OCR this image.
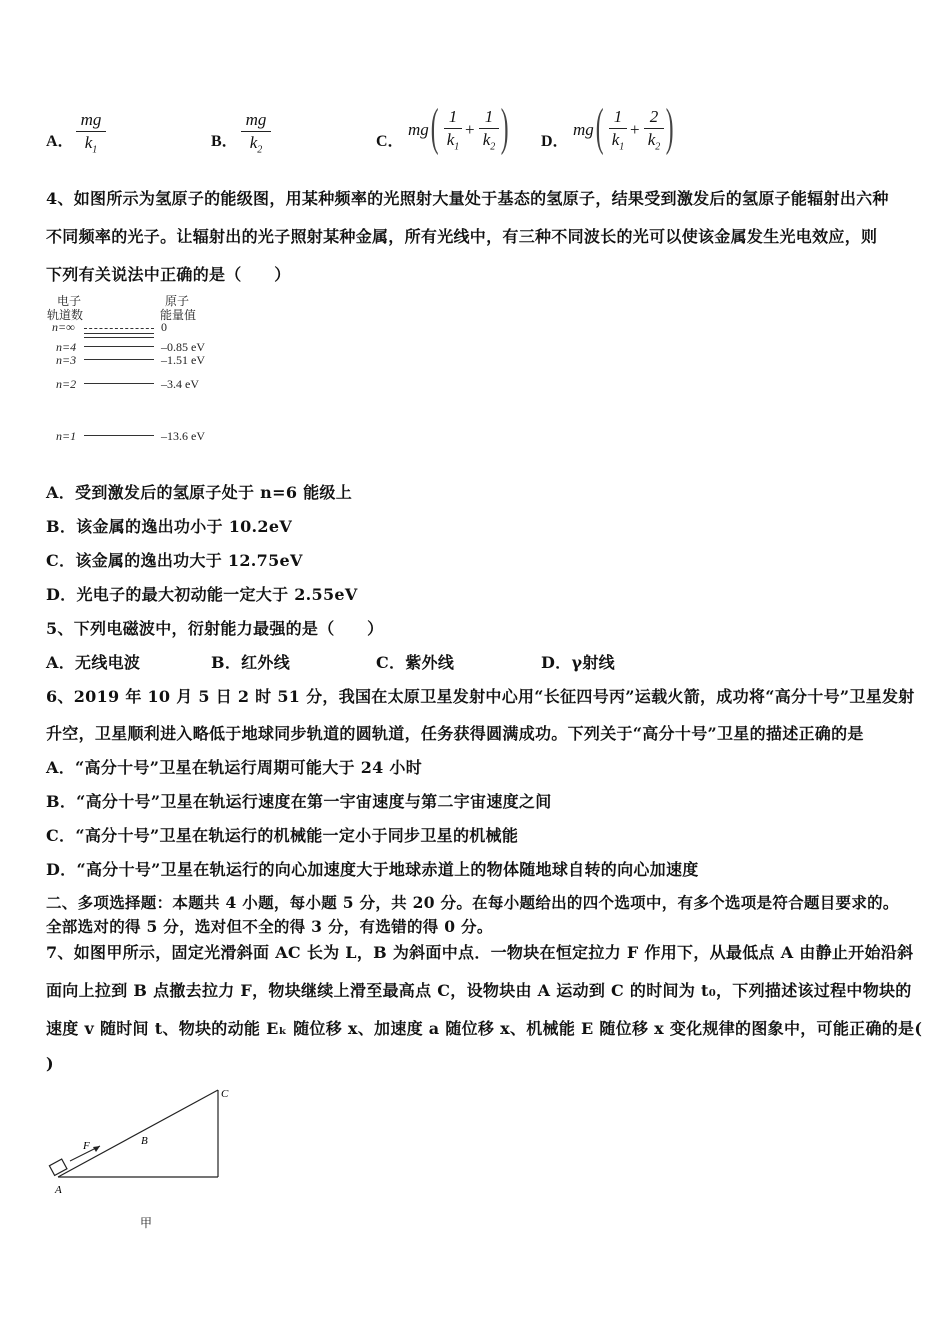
A．
mg
$k_1$	B．
mg
$k_2$	C．
mg ( 1
$k_1$
+
1
$k_2$ ) D．
mg ( 1
$k_1$
+
2
$k_2$ )
4、如图所示为氢原子的能级图，用某种频率的光照射大量处于基态的氢原子，结果受到激发后的氢原子能辐射出六种
不同频率的光子。让辐射出的光子照射某种金属，所有光线中，有三种不同波长的光可以使该金属发生光电效应，则
下列有关说法中正确的是（　　）
电子
轨道数
原子
能量值
n=∞	0
n=4	–0.85 eV
n=3	–1.51 eV
n=2	–3.4 eV
n=1	–13.6 eV
A．受到激发后的氢原子处于 n=6 能级上
B．该金属的逸出功小于 10.2eV
C．该金属的逸出功大于 12.75eV
D．光电子的最大初动能一定大于 2.55eV
5、下列电磁波中，衍射能力最强的是（　　）
A．无线电波	B．红外线	C．紫外线	D．γ射线
6、2019 年 10 月 5 日 2 时 51 分，我国在太原卫星发射中心用“长征四号丙”运载火箭，成功将“高分十号”卫星发射
升空，卫星顺利进入略低于地球同步轨道的圆轨道，任务获得圆满成功。下列关于“高分十号”卫星的描述正确的是
A．“高分十号”卫星在轨运行周期可能大于 24 小时
B．“高分十号”卫星在轨运行速度在第一宇宙速度与第二宇宙速度之间
C．“高分十号”卫星在轨运行的机械能一定小于同步卫星的机械能
D．“高分十号”卫星在轨运行的向心加速度大于地球赤道上的物体随地球自转的向心加速度
二、多项选择题：本题共 4 小题，每小题 5 分，共 20 分。在每小题给出的四个选项中，有多个选项是符合题目要求的。
全部选对的得 5 分，选对但不全的得 3 分，有选错的得 0 分。
7、如图甲所示，固定光滑斜面 AC 长为 L，B 为斜面中点．一物块在恒定拉力 F 作用下，从最低点 A 由静止开始沿斜
面向上拉到 B 点撤去拉力 F，物块继续上滑至最高点 C，设物块由 A 运动到 C 的时间为 t₀，下列描述该过程中物块的
速度 v 随时间 t、物块的动能 Eₖ 随位移 x、加速度 a 随位移 x、机械能 E 随位移 x 变化规律的图象中，可能正确的是(
)
F	B
C
A
甲
